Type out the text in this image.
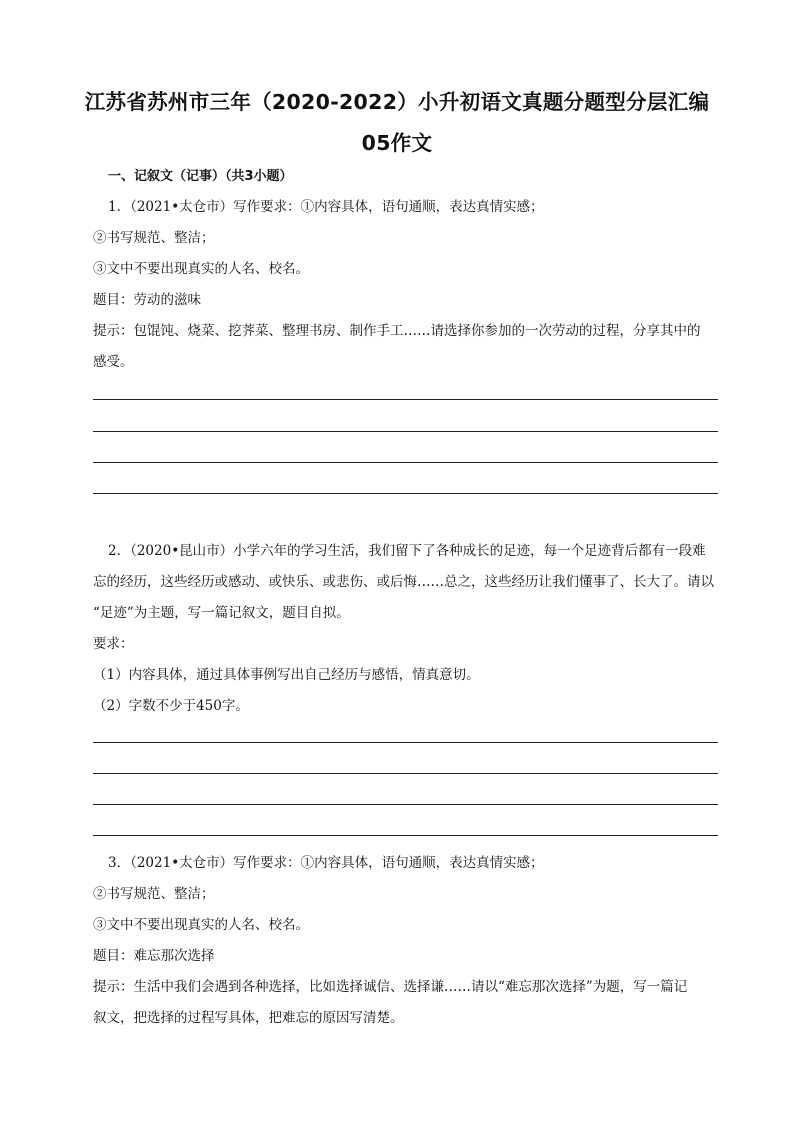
江苏省苏州市三年（2020-2022）小升初语文真题分题型分层汇编
05作文
一、记叙文（记事）（共3小题）
1．（2021•太仓市）写作要求：①内容具体，语句通顺，表达真情实感；
②书写规范、整洁；
③文中不要出现真实的人名、校名。
题目：劳动的滋味
提示：包馄饨、烧菜、挖荠菜、整理书房、制作手工……请选择你参加的一次劳动的过程，分享其中的
感受。
2．（2020•昆山市）小学六年的学习生活，我们留下了各种成长的足迹，每一个足迹背后都有一段难
忘的经历，这些经历或感动、或快乐、或悲伤、或后悔……总之，这些经历让我们懂事了、长大了。请以
“足迹”为主题，写一篇记叙文，题目自拟。
要求：
（1）内容具体，通过具体事例写出自己经历与感悟，情真意切。
（2）字数不少于450字。
3．（2021•太仓市）写作要求：①内容具体，语句通顺，表达真情实感；
②书写规范、整洁；
③文中不要出现真实的人名、校名。
题目：难忘那次选择
提示：生活中我们会遇到各种选择，比如选择诚信、选择谦……请以“难忘那次选择”为题，写一篇记
叙文，把选择的过程写具体，把难忘的原因写清楚。
